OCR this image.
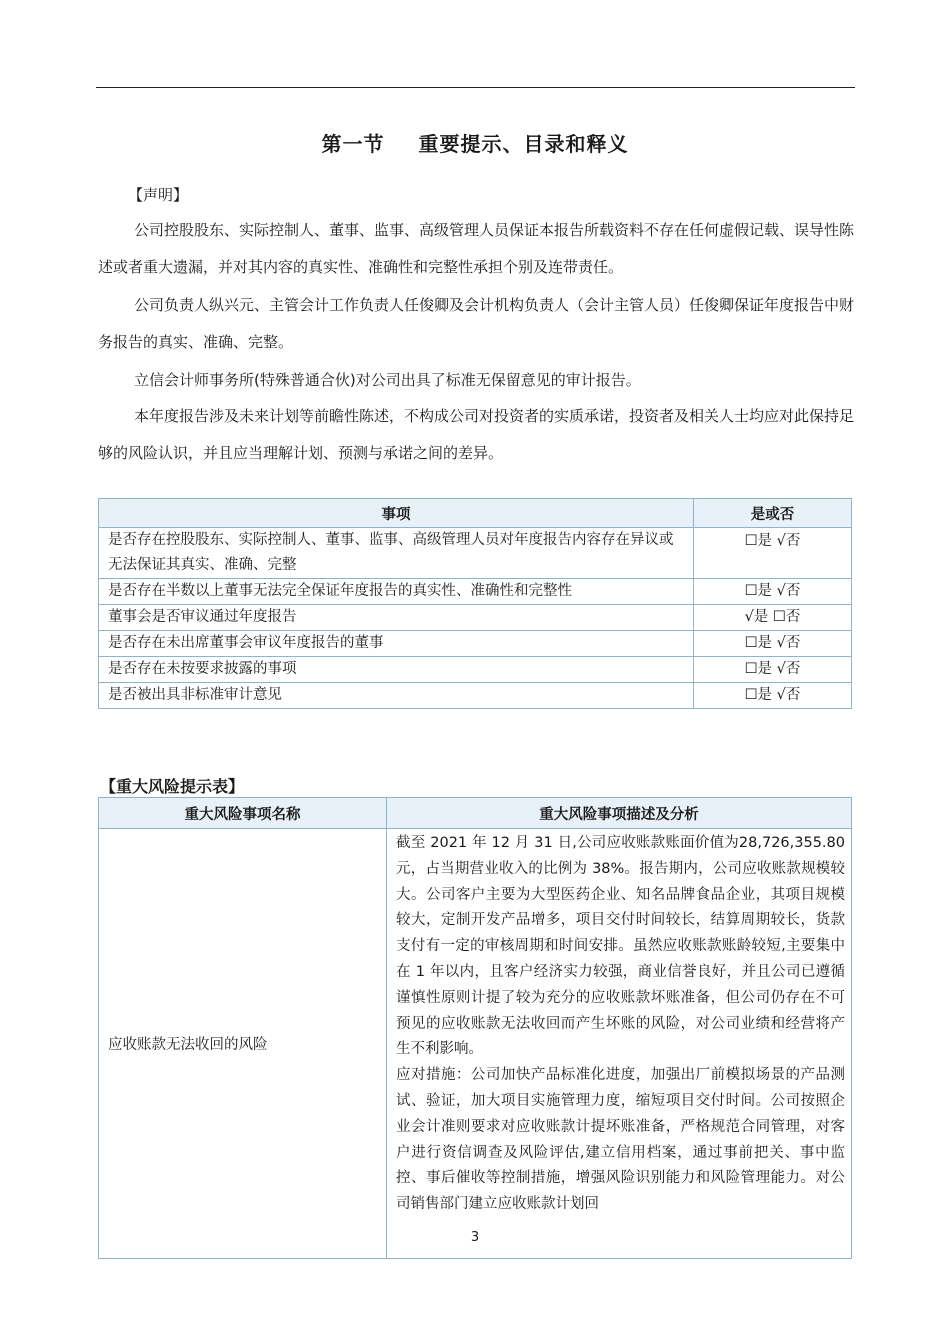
第一节 重要提示、目录和释义
【声明】
公司控股股东、实际控制人、董事、监事、高级管理人员保证本报告所载资料不存在任何虚假记载、误导性陈述或者重大遗漏，并对其内容的真实性、准确性和完整性承担个别及连带责任。
公司负责人纵兴元、主管会计工作负责人任俊卿及会计机构负责人（会计主管人员）任俊卿保证年度报告中财务报告的真实、准确、完整。
立信会计师事务所(特殊普通合伙)对公司出具了标准无保留意见的审计报告。
本年度报告涉及未来计划等前瞻性陈述，不构成公司对投资者的实质承诺，投资者及相关人士均应对此保持足够的风险认识，并且应当理解计划、预测与承诺之间的差异。
事项	是或否
是否存在控股股东、实际控制人、董事、监事、高级管理人员对年度报告内容存在异议或无法保证其真实、准确、完整	☐是 √否
是否存在半数以上董事无法完全保证年度报告的真实性、准确性和完整性	☐是 √否
董事会是否审议通过年度报告	√是 ☐否
是否存在未出席董事会审议年度报告的董事	☐是 √否
是否存在未按要求披露的事项	☐是 √否
是否被出具非标准审计意见	☐是 √否
【重大风险提示表】
重大风险事项名称	重大风险事项描述及分析
应收账款无法收回的风险	截至 2021 年 12 月 31 日,公司应收账款账面价值为28,726,355.80 元，占当期营业收入的比例为 38%。报告期内，公司应收账款规模较大。公司客户主要为大型医药企业、知名品牌食品企业，其项目规模较大，定制开发产品增多，项目交付时间较长，结算周期较长，货款支付有一定的审核周期和时间安排。虽然应收账款账龄较短,主要集中在 1 年以内，且客户经济实力较强，商业信誉良好，并且公司已遵循谨慎性原则计提了较为充分的应收账款坏账准备，但公司仍存在不可预见的应收账款无法收回而产生坏账的风险，对公司业绩和经营将产生不利影响。
应对措施：公司加快产品标准化进度，加强出厂前模拟场景的产品测试、验证，加大项目实施管理力度，缩短项目交付时间。公司按照企业会计准则要求对应收账款计提坏账准备，严格规范合同管理，对客户进行资信调查及风险评估,建立信用档案，通过事前把关、事中监控、事后催收等控制措施，增强风险识别能力和风险管理能力。对公司销售部门建立应收账款计划回
3
